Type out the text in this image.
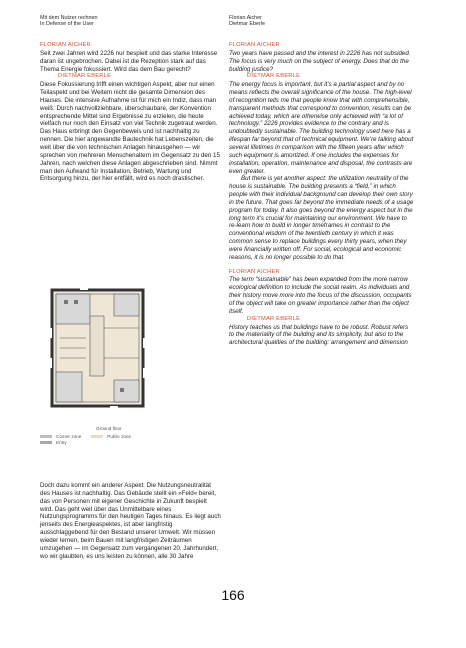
Mit dem Nutzer rechnen
In Defense of the User
Florian Aicher
Dietmar Eberle
FLORIAN AICHER

Seit zwei Jahren wird 2226 nur bespielt und das starke Interesse daran ist ungebrochen. Dabei ist die Rezeption stark auf das Thema Energie fokussiert. Wird das dem Bau gerecht?

DIETMAR EBERLE

Diese Fokussierung trifft einen wichtigen Aspekt, aber nur einen Teilaspekt und bei Weitem nicht die gesamte Dimension des Hauses. Die intensive Aufnahme ist für mich ein Indiz, dass man weiß: Durch nachvollziehbare, überschaubare, der Konvention entsprechende Mittel sind Ergebnisse zu erzielen, die heute vielfach nur noch den Einsatz von viel Technik zugetraut werden. Das Haus erbringt den Gegenbeweis und ist nachhaltig zu nennen. Die hier angewandte Bautechnik hat Lebenszeiten, die weit über die von technischen Anlagen hinausgehen — wir sprechen von mehreren Menschenaltern im Gegensatz zu den 15 Jahren, nach welchen diese Anlagen abgeschrieben sind. Nimmt man den Aufwand für Installation, Betrieb, Wartung und Entsorgung hinzu, der hier entfällt, wird es noch drastischer.

Ground floor
Corner zone	Public zone
Entry

Doch dazu kommt ein anderer Aspekt: Die Nutzungsneutralität des Hauses ist nachhaltig. Das Gebäude stellt ein »Feld« bereit, das von Personen mit eigener Geschichte in Zukunft bespielt wird. Das geht weit über das Unmittelbare eines Nutzungsprogramms für den heutigen Tages hinaus. Es liegt auch jenseits des Energieaspektes, ist aber langfristig ausschlaggebend für den Bestand unserer Umwelt. Wir müssen wieder lernen, beim Bauen mit langfristigen Zeiträumen umzugehen — im Gegensatz zum vergangenen 20. Jahrhundert, wo wir glaubten, es uns leisten zu können, alle 30 Jahre

FLORIAN AICHER

Two years have passed and the interest in 2226 has not subsided. The focus is very much on the subject of energy. Does that do the building justice?

DIETMAR EBERLE

The energy focus is important, but it’s a partial aspect and by no means reflects the overall significance of the house. The high-level of recognition tells me that people know that with comprehensible, transparent methods that correspond to convention, results can be achieved today, which are otherwise only achieved with “a lot of technology.” 2226 provides evidence to the contrary and is undoubtedly sustainable. The building technology used here has a lifespan far beyond that of technical equipment. We’re talking about several lifetimes in comparison with the fifteen years after which such equipment is amortized. If one includes the expenses for installation, operation, maintenance and disposal, the contrasts are even greater.

But there is yet another aspect: the utilization neutrality of the house is sustainable. The building presents a “field,” in which people with their individual background can develop their own story in the future. That goes far beyond the immediate needs of a usage program for today. It also goes beyond the energy aspect but in the long term it’s crucial for maintaining our environment. We have to re-learn how to build in longer timeframes in contrast to the conventional wisdom of the twentieth century in which it was common sense to replace buildings every thirty years, when they were financially written off. For social, ecological and economic reasons, it is no longer possible to do that.

FLORIAN AICHER

The term “sustainable” has been expanded from the more narrow ecological definition to include the social realm. As individuals and their history move more into the focus of the discussion, occupants of the object will take on greater importance rather than the object itself.

DIETMAR EBERLE

History teaches us that buildings have to be robust. Robust refers to the materiality of the building and its simplicity, but also to the architectural qualities of the building: arrangement and dimension

166
